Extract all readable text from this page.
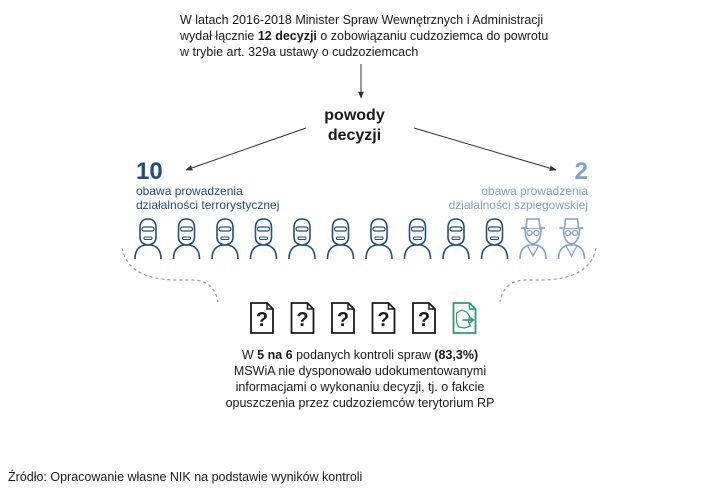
W latach 2016-2018 Minister Spraw Wewnętrznych i Administracji
wydał łącznie 12 decyzji o zobowiązaniu cudzoziemca do powrotu
w trybie art. 329a ustawy o cudzoziemcach
powody
decyzji
10
obawa prowadzenia
działalności terrorystycznej
2
obawa prowadzenia
działalności szpiegowskiej
? ? ? ? ?
W 5 na 6 podanych kontroli spraw (83,3%)
MSWiA nie dysponowało udokumentowanymi
informacjami o wykonaniu decyzji, tj. o fakcie
opuszczenia przez cudzoziemców terytorium RP
Źródło: Opracowanie własne NIK na podstawie wyników kontroli
